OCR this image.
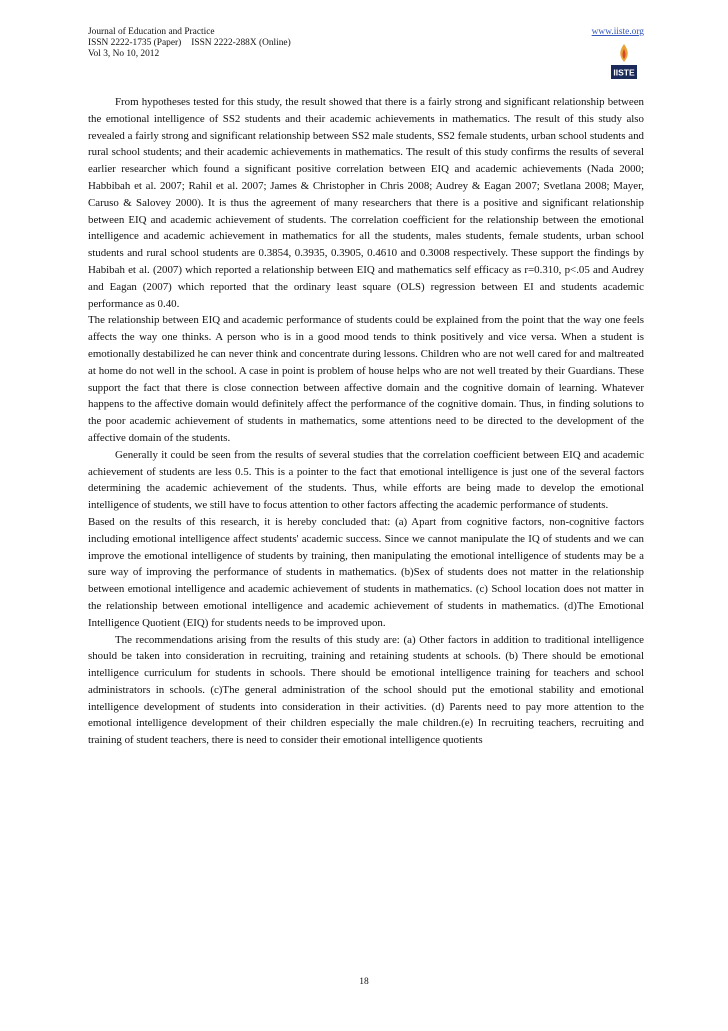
Journal of Education and Practice
ISSN 2222-1735 (Paper) ISSN 2222-288X (Online)
Vol 3, No 10, 2012
www.iiste.org
IISTE

From hypotheses tested for this study, the result showed that there is a fairly strong and significant relationship between the emotional intelligence of SS2 students and their academic achievements in mathematics. The result of this study also revealed a fairly strong and significant relationship between SS2 male students, SS2 female students, urban school students and rural school students; and their academic achievements in mathematics. The result of this study confirms the results of several earlier researcher which found a significant positive correlation between EIQ and academic achievements (Nada 2000; Habbibah et al. 2007; Rahil et al. 2007; James & Christopher in Chris 2008; Audrey & Eagan 2007; Svetlana 2008; Mayer, Caruso & Salovey 2000). It is thus the agreement of many researchers that there is a positive and significant relationship between EIQ and academic achievement of students. The correlation coefficient for the relationship between the emotional intelligence and academic achievement in mathematics for all the students, males students, female students, urban school students and rural school students are 0.3854, 0.3935, 0.3905, 0.4610 and 0.3008 respectively. These support the findings by Habibah et al. (2007) which reported a relationship between EIQ and mathematics self efficacy as r=0.310, p<.05 and Audrey and Eagan (2007) which reported that the ordinary least square (OLS) regression between EI and students academic performance as 0.40.

The relationship between EIQ and academic performance of students could be explained from the point that the way one feels affects the way one thinks. A person who is in a good mood tends to think positively and vice versa. When a student is emotionally destabilized he can never think and concentrate during lessons. Children who are not well cared for and maltreated at home do not well in the school. A case in point is problem of house helps who are not well treated by their Guardians. These support the fact that there is close connection between affective domain and the cognitive domain of learning. Whatever happens to the affective domain would definitely affect the performance of the cognitive domain. Thus, in finding solutions to the poor academic achievement of students in mathematics, some attentions need to be directed to the development of the affective domain of the students.

Generally it could be seen from the results of several studies that the correlation coefficient between EIQ and academic achievement of students are less 0.5. This is a pointer to the fact that emotional intelligence is just one of the several factors determining the academic achievement of the students. Thus, while efforts are being made to develop the emotional intelligence of students, we still have to focus attention to other factors affecting the academic performance of students.

Based on the results of this research, it is hereby concluded that: (a) Apart from cognitive factors, non-cognitive factors including emotional intelligence affect students' academic success. Since we cannot manipulate the IQ of students and we can improve the emotional intelligence of students by training, then manipulating the emotional intelligence of students may be a sure way of improving the performance of students in mathematics. (b)Sex of students does not matter in the relationship between emotional intelligence and academic achievement of students in mathematics. (c) School location does not matter in the relationship between emotional intelligence and academic achievement of students in mathematics. (d)The Emotional Intelligence Quotient (EIQ) for students needs to be improved upon.

The recommendations arising from the results of this study are: (a) Other factors in addition to traditional intelligence should be taken into consideration in recruiting, training and retaining students at schools. (b) There should be emotional intelligence curriculum for students in schools. There should be emotional intelligence training for teachers and school administrators in schools. (c)The general administration of the school should put the emotional stability and emotional intelligence development of students into consideration in their activities. (d) Parents need to pay more attention to the emotional intelligence development of their children especially the male children.(e) In recruiting teachers, recruiting and training of student teachers, there is need to consider their emotional intelligence quotients

18
